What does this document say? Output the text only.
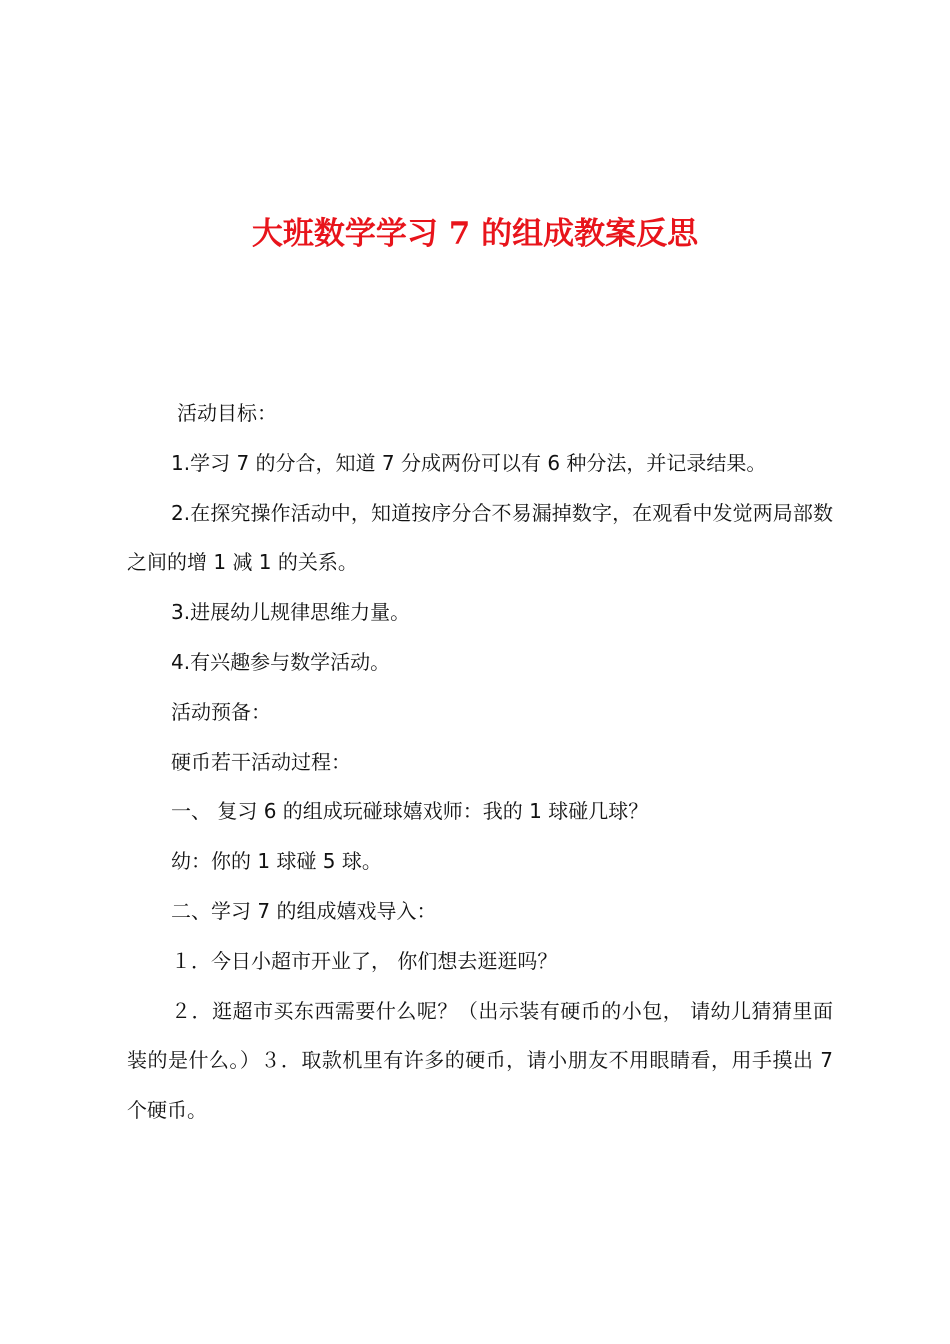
大班数学学习 7 的组成教案反思

活动目标：

1.学习 7 的分合，知道 7 分成两份可以有 6 种分法，并记录结果。

2.在探究操作活动中，知道按序分合不易漏掉数字，在观看中发觉两局部数之间的增 1 减 1 的关系。

3.进展幼儿规律思维力量。

4.有兴趣参与数学活动。

活动预备：

硬币若干活动过程：

一、 复习 6 的组成玩碰球嬉戏师：我的 1 球碰几球？

幼：你的 1 球碰 5 球。

二、学习 7 的组成嬉戏导入：

１．今日小超市开业了， 你们想去逛逛吗？

２．逛超市买东西需要什么呢？（出示装有硬币的小包， 请幼儿猜猜里面装的是什么。）３．取款机里有许多的硬币，请小朋友不用眼睛看，用手摸出 7 个硬币。
